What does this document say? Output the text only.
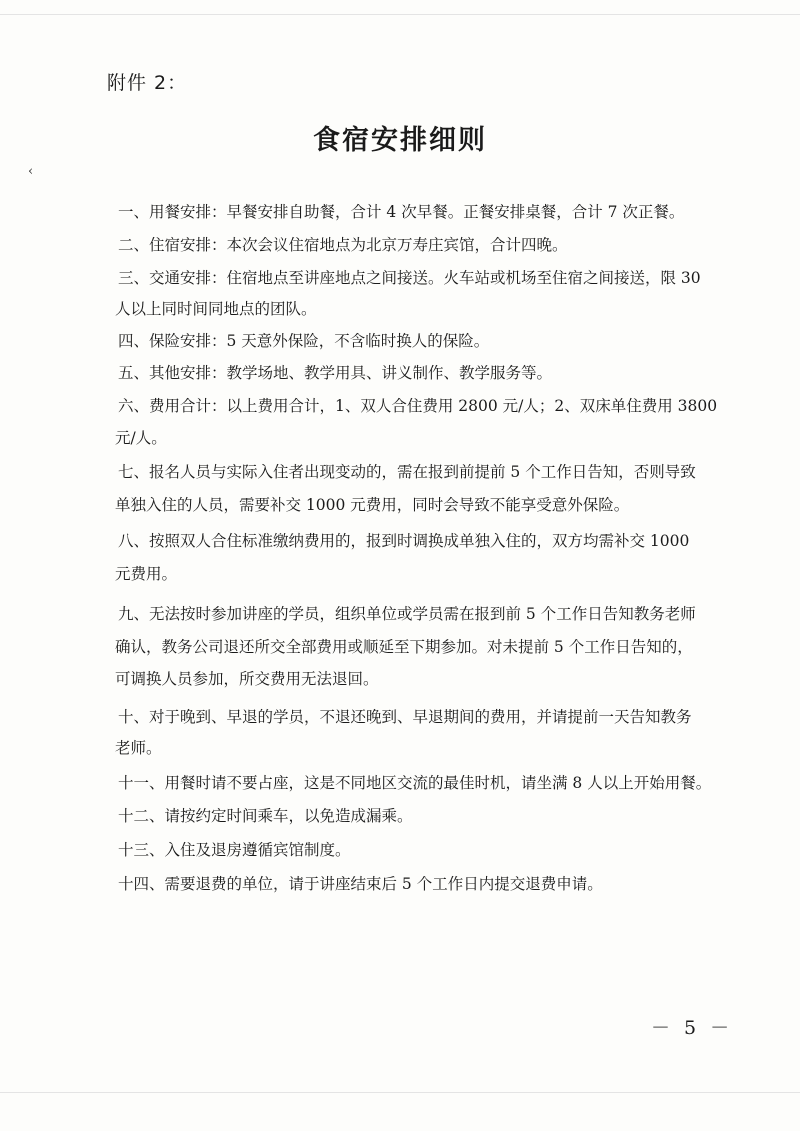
附件 2：
食宿安排细则
‹
一、用餐安排：早餐安排自助餐，合计 4 次早餐。正餐安排桌餐，合计 7 次正餐。
二、住宿安排：本次会议住宿地点为北京万寿庄宾馆，合计四晚。
三、交通安排：住宿地点至讲座地点之间接送。火车站或机场至住宿之间接送，限 30
人以上同时间同地点的团队。
四、保险安排：5 天意外保险，不含临时换人的保险。
五、其他安排：教学场地、教学用具、讲义制作、教学服务等。
六、费用合计：以上费用合计，1、双人合住费用 2800 元/人；2、双床单住费用 3800
元/人。
七、报名人员与实际入住者出现变动的，需在报到前提前 5 个工作日告知，否则导致
单独入住的人员，需要补交 1000 元费用，同时会导致不能享受意外保险。
八、按照双人合住标准缴纳费用的，报到时调换成单独入住的，双方均需补交 1000
元费用。
九、无法按时参加讲座的学员，组织单位或学员需在报到前 5 个工作日告知教务老师
确认，教务公司退还所交全部费用或顺延至下期参加。对未提前 5 个工作日告知的，
可调换人员参加，所交费用无法退回。
十、对于晚到、早退的学员，不退还晚到、早退期间的费用，并请提前一天告知教务
老师。
十一、用餐时请不要占座，这是不同地区交流的最佳时机，请坐满 8 人以上开始用餐。
十二、请按约定时间乘车，以免造成漏乘。
十三、入住及退房遵循宾馆制度。
十四、需要退费的单位，请于讲座结束后 5 个工作日内提交退费申请。
－ 5 －
